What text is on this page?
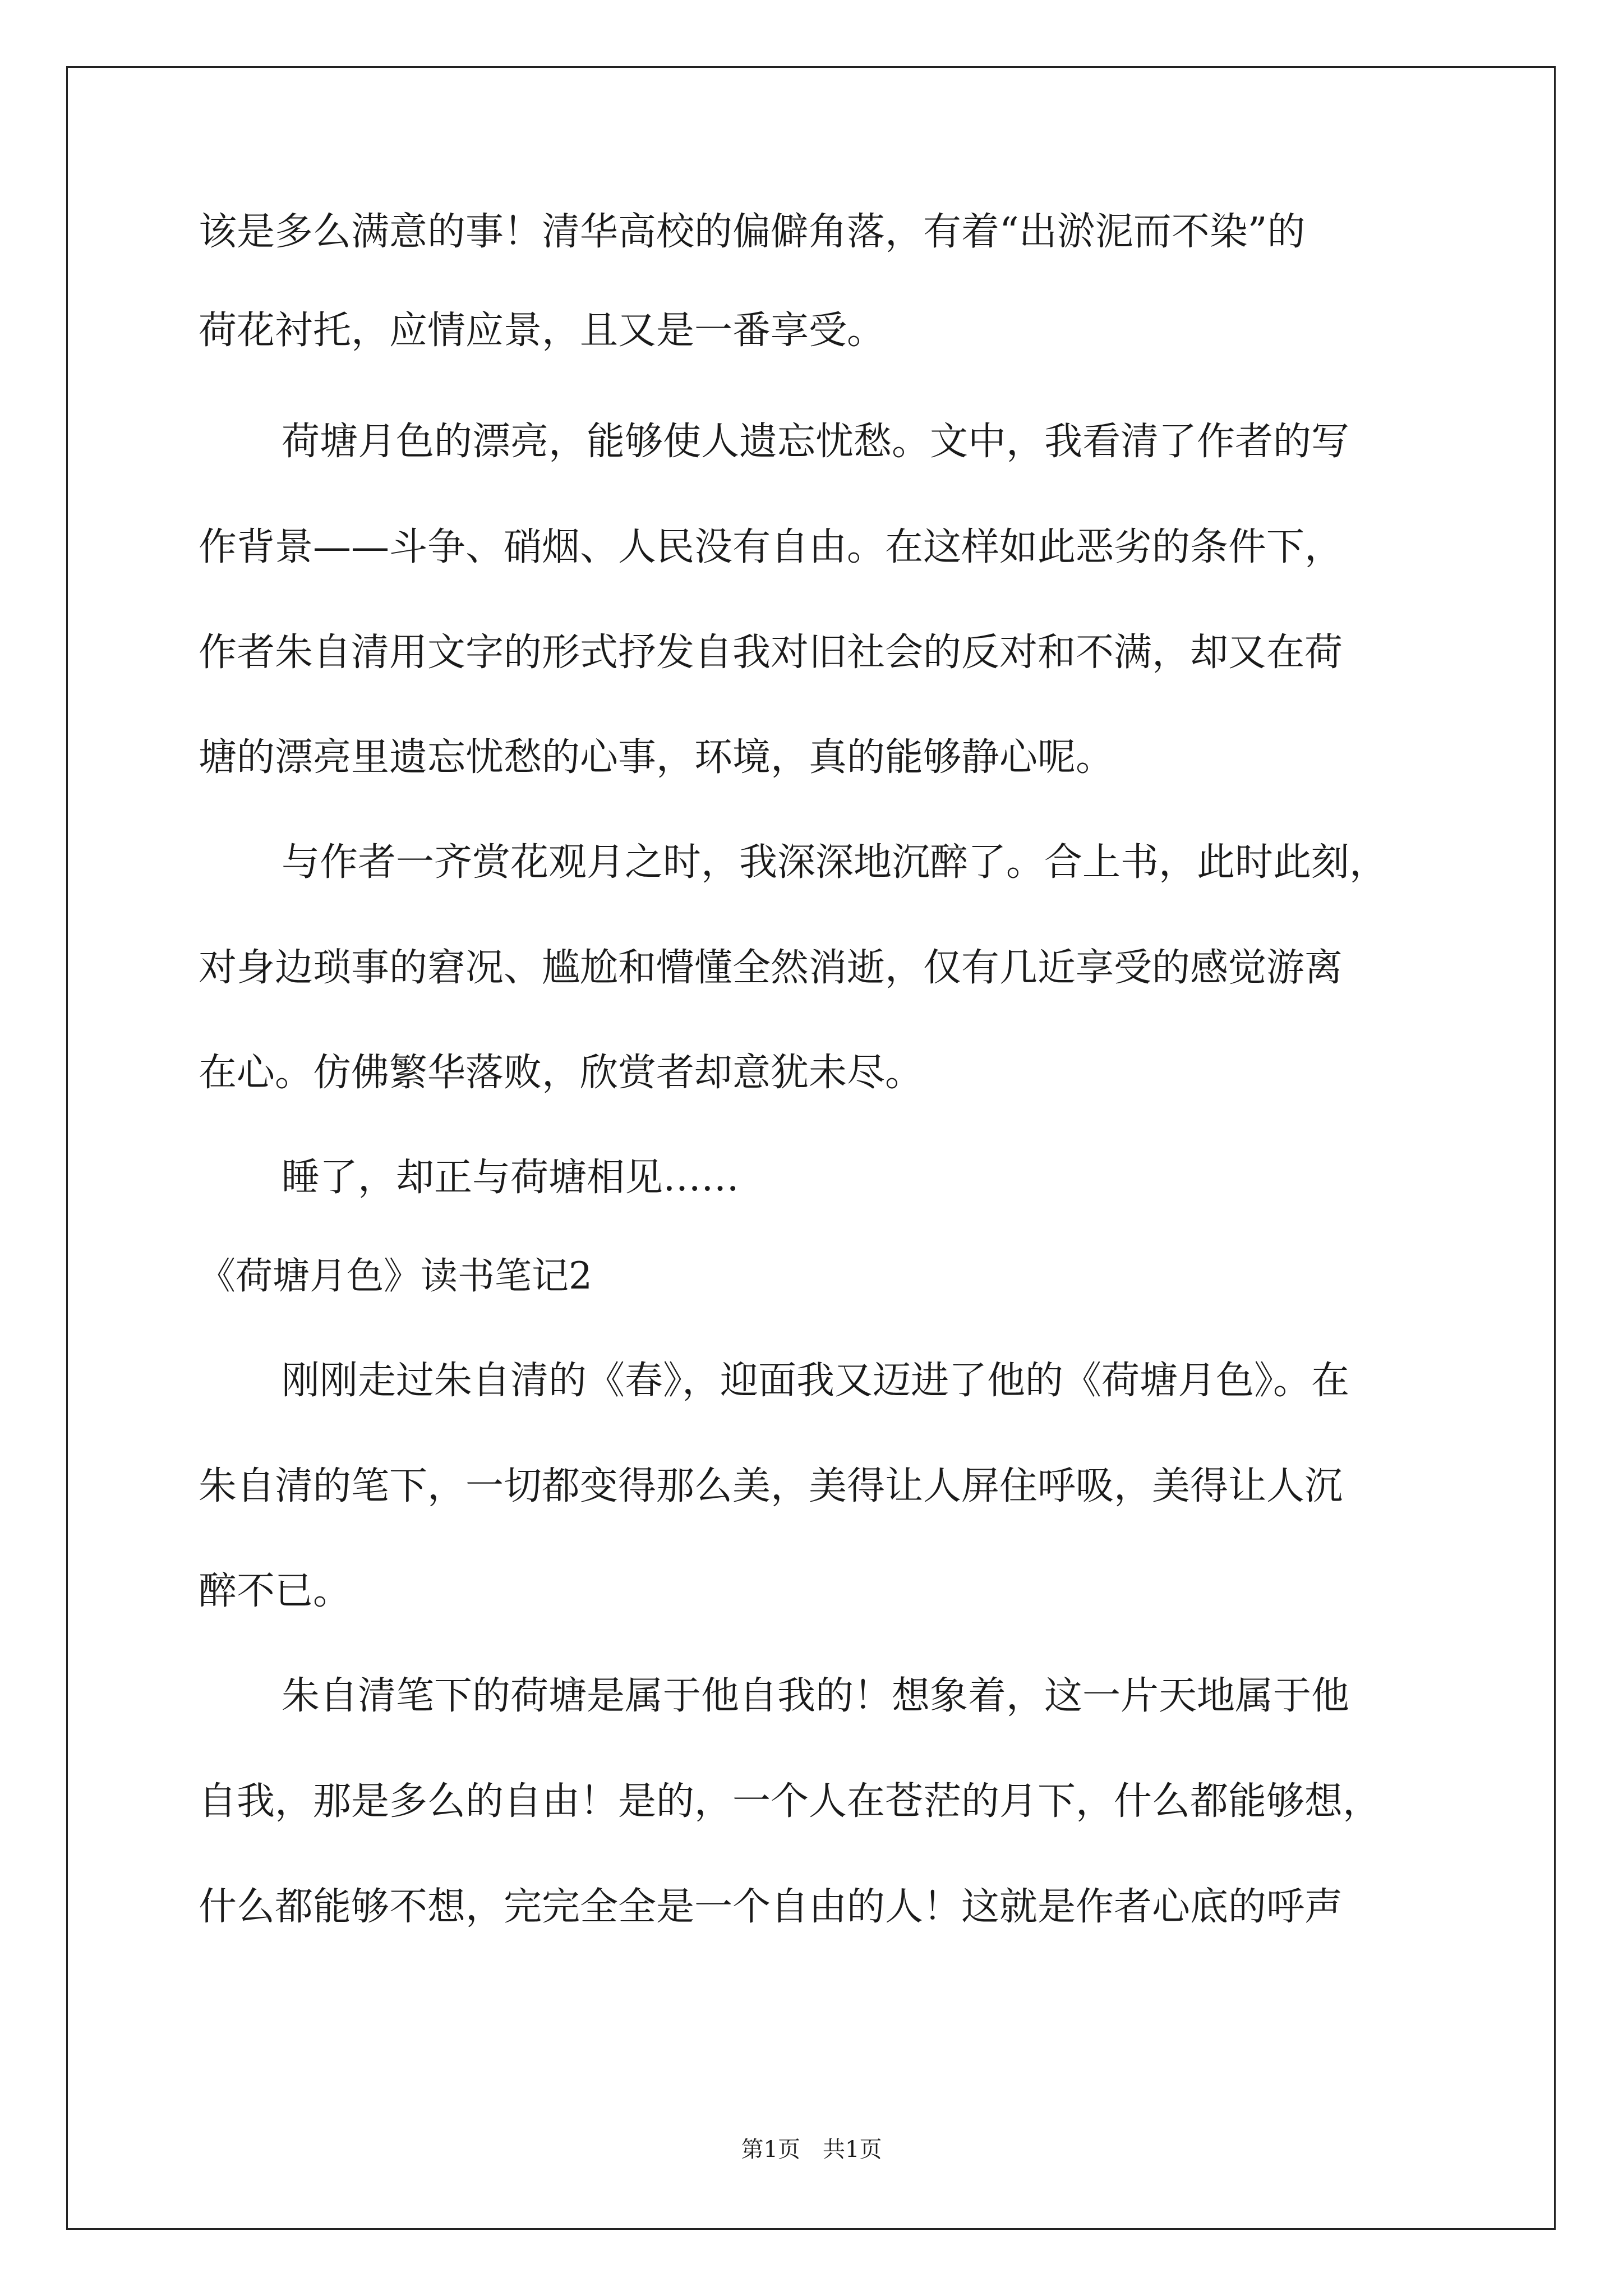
该是多么满意的事！清华高校的偏僻角落，有着“出淤泥而不染”的
荷花衬托，应情应景，且又是一番享受。
荷塘月色的漂亮，能够使人遗忘忧愁。文中，我看清了作者的写
作背景——斗争、硝烟、人民没有自由。在这样如此恶劣的条件下，
作者朱自清用文字的形式抒发自我对旧社会的反对和不满，却又在荷
塘的漂亮里遗忘忧愁的心事，环境，真的能够静心呢。
与作者一齐赏花观月之时，我深深地沉醉了。合上书，此时此刻，
对身边琐事的窘况、尴尬和懵懂全然消逝，仅有几近享受的感觉游离
在心。仿佛繁华落败，欣赏者却意犹未尽。
睡了，却正与荷塘相见……
《荷塘月色》读书笔记2
刚刚走过朱自清的《春》，迎面我又迈进了他的《荷塘月色》。在
朱自清的笔下，一切都变得那么美，美得让人屏住呼吸，美得让人沉
醉不已。
朱自清笔下的荷塘是属于他自我的！想象着，这一片天地属于他
自我，那是多么的自由！是的，一个人在苍茫的月下，什么都能够想，
什么都能够不想，完完全全是一个自由的人！这就是作者心底的呼声
第1页　共1页
